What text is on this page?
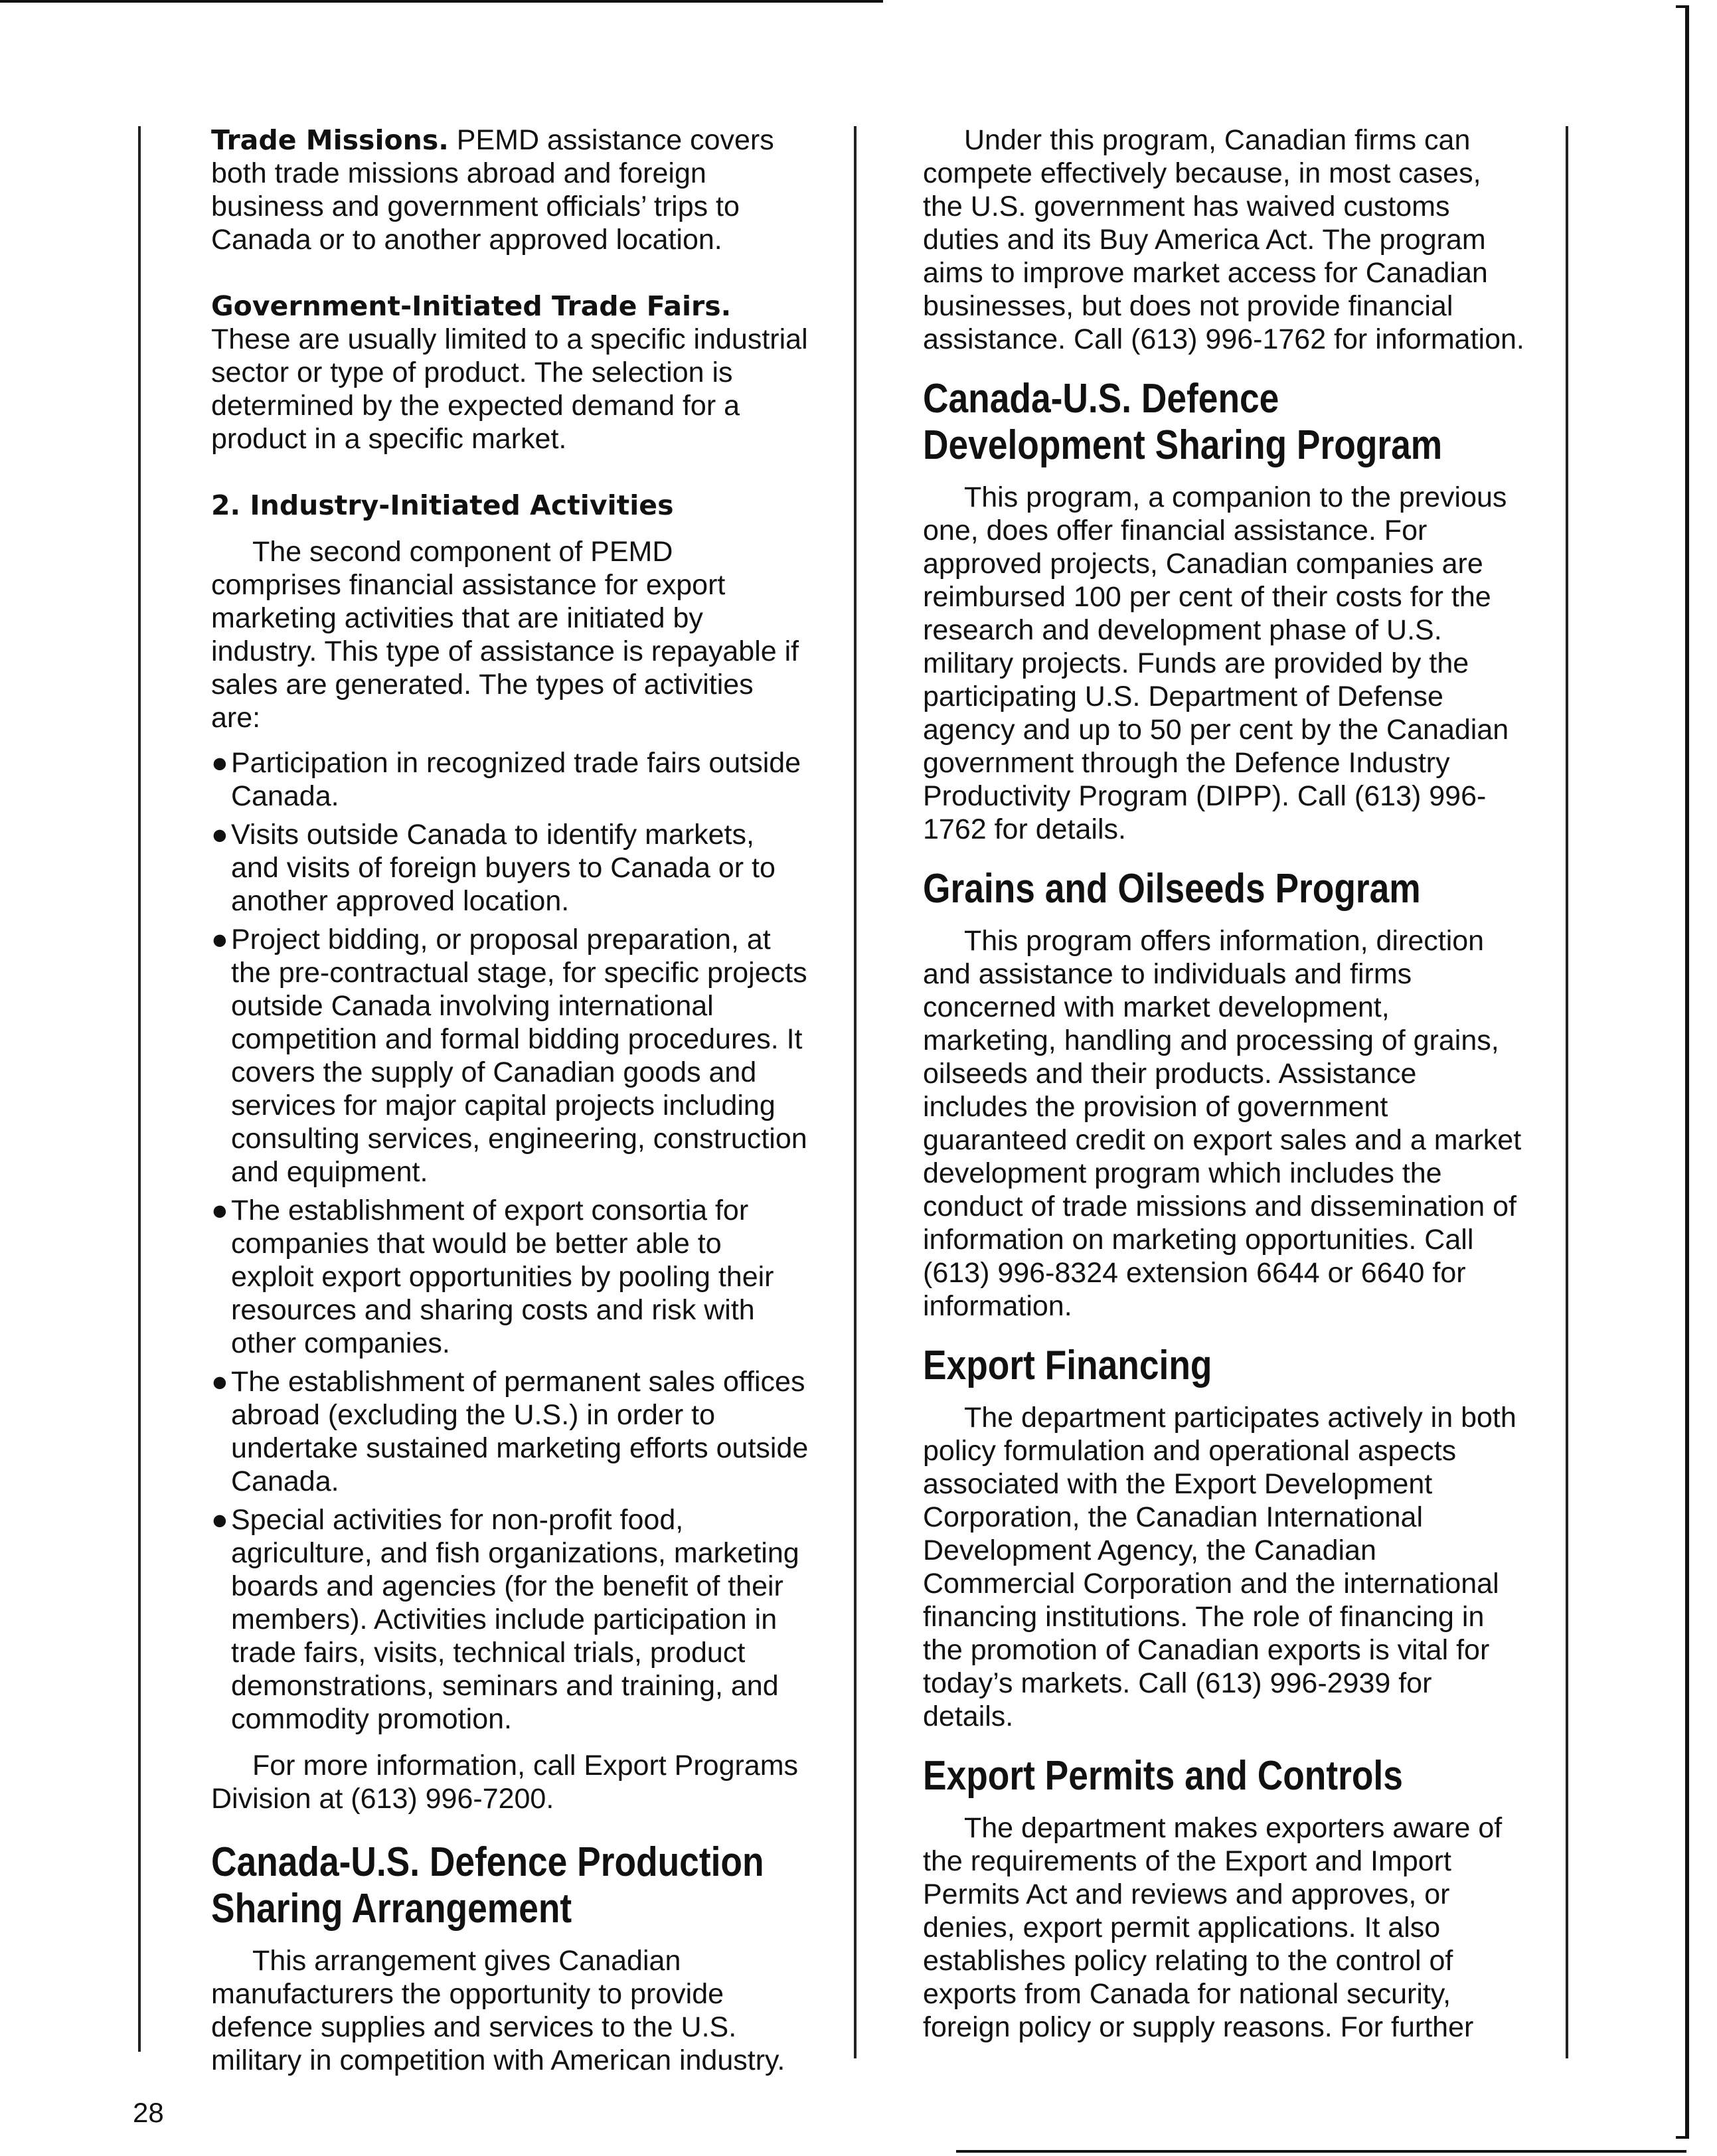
Trade Missions. PEMD assistance covers both trade missions abroad and foreign business and government officials’ trips to Canada or to another approved location.

Government-Initiated Trade Fairs.

These are usually limited to a specific industrial sector or type of product. The selection is determined by the expected demand for a product in a specific market.

2. Industry-Initiated Activities

The second component of PEMD comprises financial assistance for export marketing activities that are initiated by industry. This type of assistance is repayable if sales are generated. The types of activities are:

● Participation in recognized trade fairs outside Canada.
● Visits outside Canada to identify markets, and visits of foreign buyers to Canada or to another approved location.
● Project bidding, or proposal preparation, at the pre-contractual stage, for specific projects outside Canada involving international competition and formal bidding procedures. It covers the supply of Canadian goods and services for major capital projects including consulting services, engineering, construction and equipment.
● The establishment of export consortia for companies that would be better able to exploit export opportunities by pooling their resources and sharing costs and risk with other companies.
● The establishment of permanent sales offices abroad (excluding the U.S.) in order to undertake sustained marketing efforts outside Canada.
● Special activities for non-profit food, agriculture, and fish organizations, marketing boards and agencies (for the benefit of their members). Activities include participation in trade fairs, visits, technical trials, product demonstrations, seminars and training, and commodity promotion.

For more information, call Export Programs Division at (613) 996-7200.

Canada-U.S. Defence Production
Sharing Arrangement

This arrangement gives Canadian manufacturers the opportunity to provide defence supplies and services to the U.S. military in competition with American industry.

Under this program, Canadian firms can compete effectively because, in most cases, the U.S. government has waived customs duties and its Buy America Act. The program aims to improve market access for Canadian businesses, but does not provide financial assistance. Call (613) 996-1762 for information.

Canada-U.S. Defence
Development Sharing Program

This program, a companion to the previous one, does offer financial assistance. For approved projects, Canadian companies are reimbursed 100 per cent of their costs for the research and development phase of U.S. military projects. Funds are provided by the participating U.S. Department of Defense agency and up to 50 per cent by the Canadian government through the Defence Industry Productivity Program (DIPP). Call (613) 996-1762 for details.

Grains and Oilseeds Program

This program offers information, direction and assistance to individuals and firms concerned with market development, marketing, handling and processing of grains, oilseeds and their products. Assistance includes the provision of government guaranteed credit on export sales and a market development program which includes the conduct of trade missions and dissemination of information on marketing opportunities. Call (613) 996-8324 extension 6644 or 6640 for information.

Export Financing

The department participates actively in both policy formulation and operational aspects associated with the Export Development Corporation, the Canadian International Development Agency, the Canadian Commercial Corporation and the international financing institutions. The role of financing in the promotion of Canadian exports is vital for today’s markets. Call (613) 996-2939 for details.

Export Permits and Controls

The department makes exporters aware of the requirements of the Export and Import Permits Act and reviews and approves, or denies, export permit applications. It also establishes policy relating to the control of exports from Canada for national security, foreign policy or supply reasons. For further

28
